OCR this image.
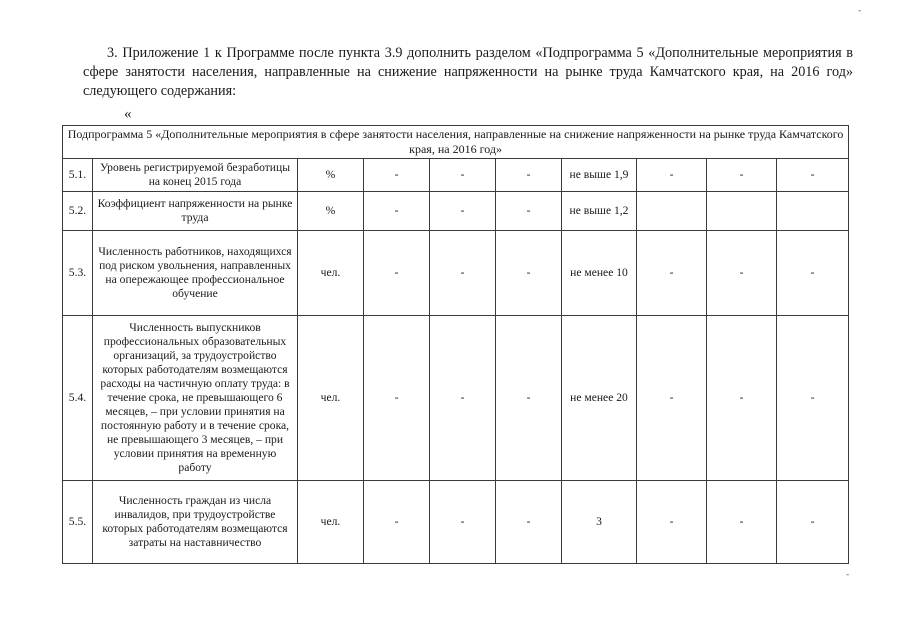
3. Приложение 1 к Программе после пункта 3.9 дополнить разделом «Подпрограмма 5 «Дополнительные мероприятия в сфере занятости населения, направленные на снижение напряженности на рынке труда Камчатского края, на 2016 год» следующего содержания:

«
Подпрограмма 5 «Дополнительные мероприятия в сфере занятости населения, направленные на снижение напряженности на рынке труда Камчатского края, на 2016 год»									
5.1.	Уровень регистрируемой безработицы на конец 2015 года	%	-	-	-	не выше 1,9	-	-	-
5.2.	Коэффициент напряженности на рынке труда	%	-	-	-	не выше 1,2			
5.3.	Численность работников, находящихся под риском увольнения, направленных на опережающее профессиональное обучение	чел.	-	-	-	не менее 10	-	-	-
5.4.	Численность выпускников профессиональных образовательных организаций, за трудоустройство которых работодателям возмещаются расходы на частичную оплату труда: в течение срока, не превышающего 6 месяцев, – при условии принятия на постоянную работу и в течение срока, не превышающего 3 месяцев, – при условии принятия на временную работу	чел.	-	-	-	не менее 20	-	-	-
5.5.	Численность граждан из числа инвалидов, при трудоустройстве которых работодателям возмещаются затраты на наставничество	чел.	-	-	-	3	-	-	-
-
-
